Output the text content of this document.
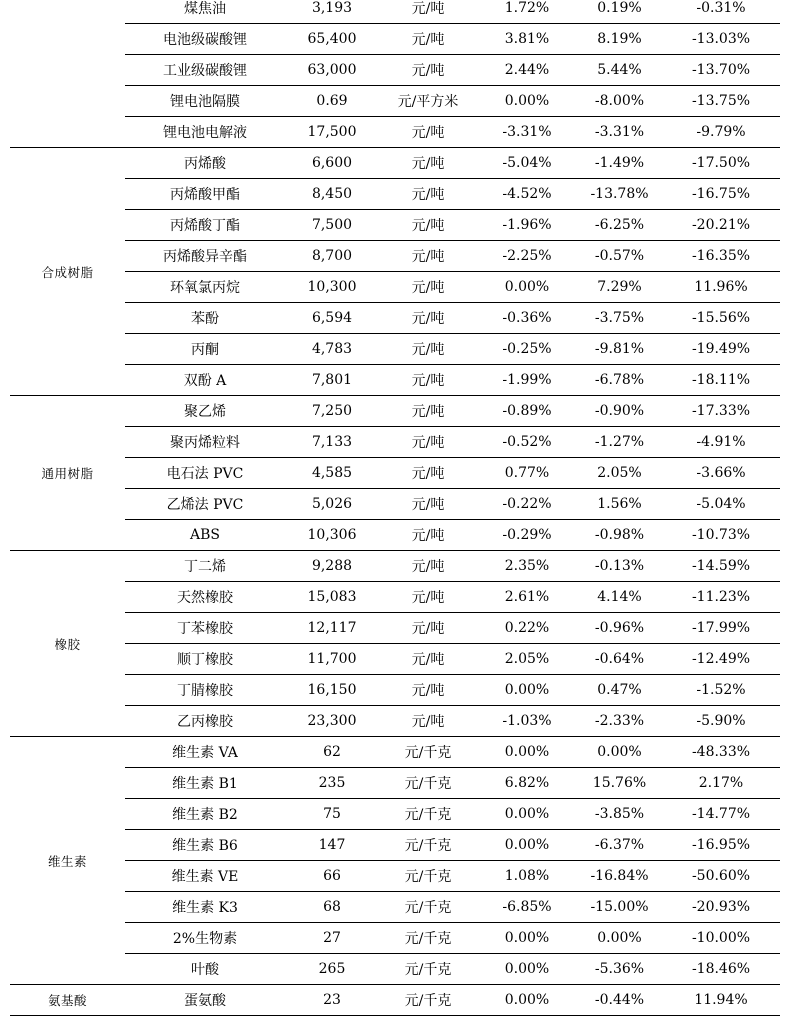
	煤焦油	3,193	元/吨	1.72%	0.19%	-0.31%
	电池级碳酸锂	65,400	元/吨	3.81%	8.19%	-13.03%
	工业级碳酸锂	63,000	元/吨	2.44%	5.44%	-13.70%
	锂电池隔膜	0.69	元/平方米	0.00%	-8.00%	-13.75%
	锂电池电解液	17,500	元/吨	-3.31%	-3.31%	-9.79%
合成树脂	丙烯酸	6,600	元/吨	-5.04%	-1.49%	-17.50%
	丙烯酸甲酯	8,450	元/吨	-4.52%	-13.78%	-16.75%
	丙烯酸丁酯	7,500	元/吨	-1.96%	-6.25%	-20.21%
	丙烯酸异辛酯	8,700	元/吨	-2.25%	-0.57%	-16.35%
	环氧氯丙烷	10,300	元/吨	0.00%	7.29%	11.96%
	苯酚	6,594	元/吨	-0.36%	-3.75%	-15.56%
	丙酮	4,783	元/吨	-0.25%	-9.81%	-19.49%
	双酚 A	7,801	元/吨	-1.99%	-6.78%	-18.11%
通用树脂	聚乙烯	7,250	元/吨	-0.89%	-0.90%	-17.33%
	聚丙烯粒料	7,133	元/吨	-0.52%	-1.27%	-4.91%
	电石法 PVC	4,585	元/吨	0.77%	2.05%	-3.66%
	乙烯法 PVC	5,026	元/吨	-0.22%	1.56%	-5.04%
	ABS	10,306	元/吨	-0.29%	-0.98%	-10.73%
橡胶	丁二烯	9,288	元/吨	2.35%	-0.13%	-14.59%
	天然橡胶	15,083	元/吨	2.61%	4.14%	-11.23%
	丁苯橡胶	12,117	元/吨	0.22%	-0.96%	-17.99%
	顺丁橡胶	11,700	元/吨	2.05%	-0.64%	-12.49%
	丁腈橡胶	16,150	元/吨	0.00%	0.47%	-1.52%
	乙丙橡胶	23,300	元/吨	-1.03%	-2.33%	-5.90%
维生素	维生素 VA	62	元/千克	0.00%	0.00%	-48.33%
	维生素 B1	235	元/千克	6.82%	15.76%	2.17%
	维生素 B2	75	元/千克	0.00%	-3.85%	-14.77%
	维生素 B6	147	元/千克	0.00%	-6.37%	-16.95%
	维生素 VE	66	元/千克	1.08%	-16.84%	-50.60%
	维生素 K3	68	元/千克	-6.85%	-15.00%	-20.93%
	2%生物素	27	元/千克	0.00%	0.00%	-10.00%
	叶酸	265	元/千克	0.00%	-5.36%	-18.46%
氨基酸	蛋氨酸	23	元/千克	0.00%	-0.44%	11.94%
